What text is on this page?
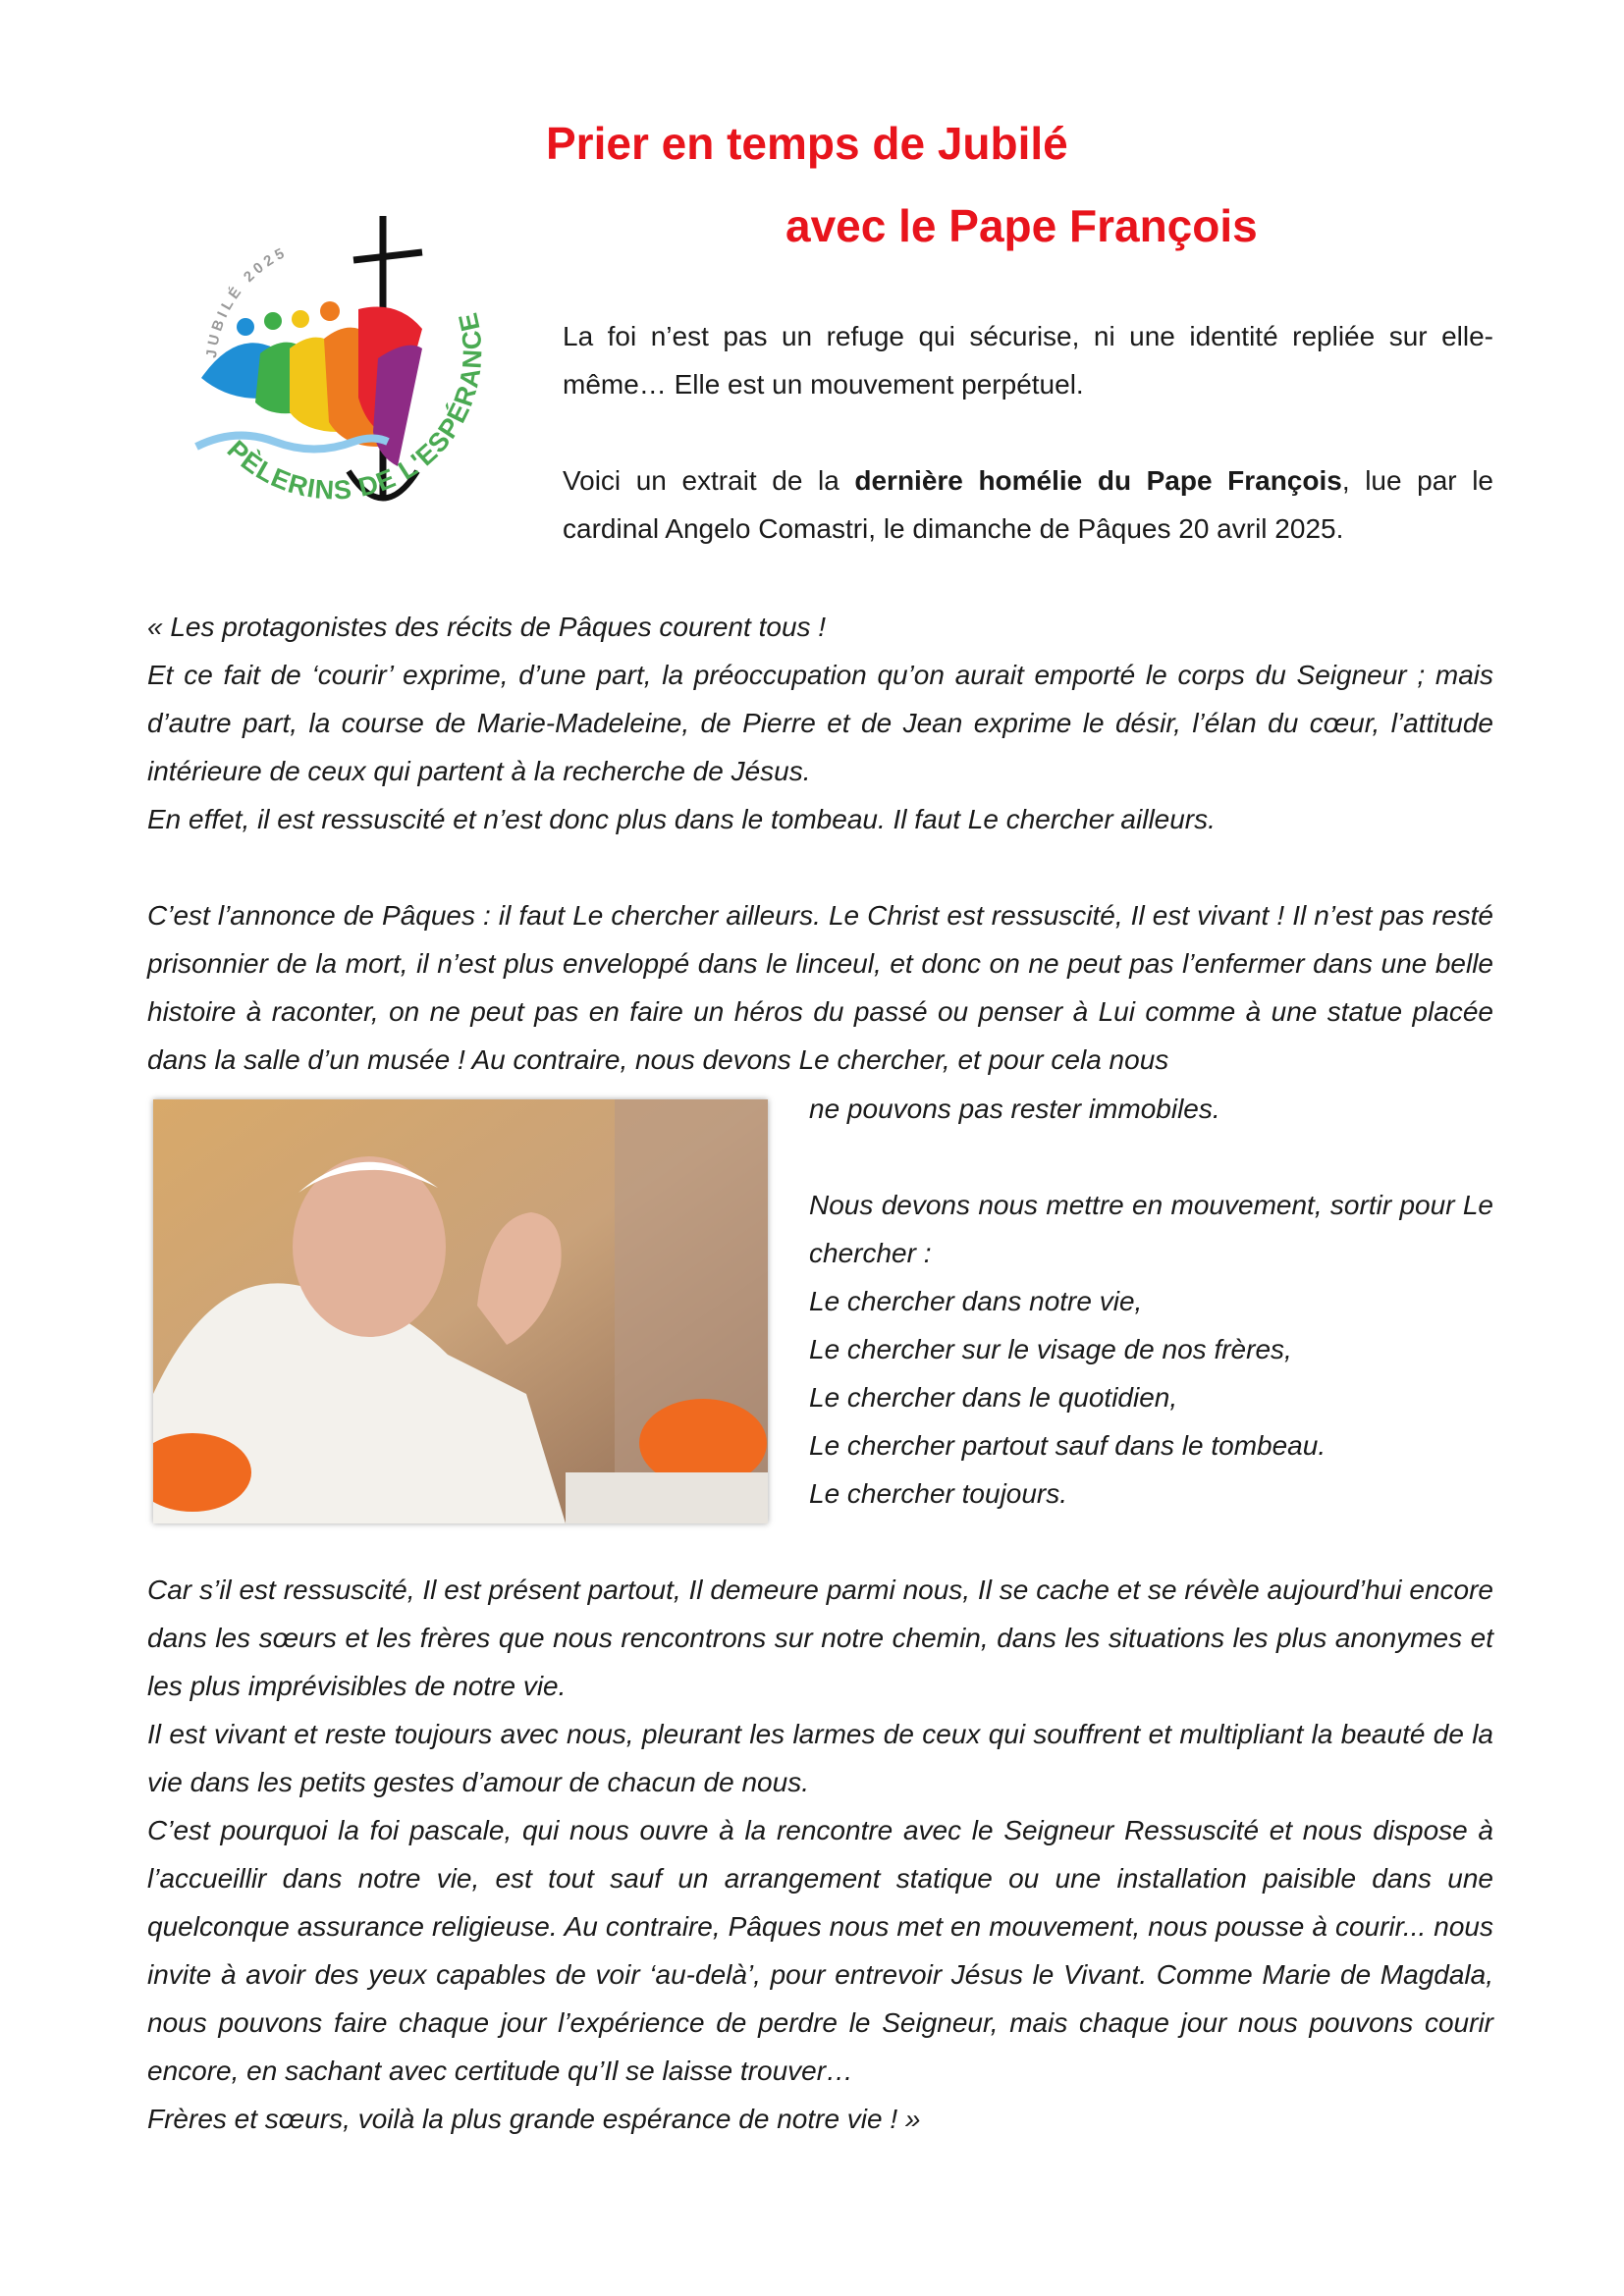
Prier en temps de Jubilé
avec le Pape François
JUBILÉ 2025
PÈLERINS DE L'ESPÉRANCE	La foi n’est pas un refuge qui sécurise, ni une identité repliée sur elle-même… Elle est un mouvement perpétuel.

Voici un extrait de la dernière homélie du Pape François, lue par le cardinal Angelo Comastri, le dimanche de Pâques 20 avril 2025.

« Les protagonistes des récits de Pâques courent tous !

Et ce fait de ‘courir’ exprime, d’une part, la préoccupation qu’on aurait emporté le corps du Seigneur ; mais d’autre part, la course de Marie-Madeleine, de Pierre et de Jean exprime le désir, l’élan du cœur, l’attitude intérieure de ceux qui partent à la recherche de Jésus.

En effet, il est ressuscité et n’est donc plus dans le tombeau. Il faut Le chercher ailleurs.

C’est l’annonce de Pâques : il faut Le chercher ailleurs. Le Christ est ressuscité, Il est vivant ! Il n’est pas resté prisonnier de la mort, il n’est plus enveloppé dans le linceul, et donc on ne peut pas l’enfermer dans une belle histoire à raconter, on ne peut pas en faire un héros du passé ou penser à Lui comme à une statue placée dans la salle d’un musée ! Au contraire, nous devons Le chercher, et pour cela nous

ne pouvons pas rester immobiles.

Nous devons nous mettre en mouvement, sortir pour Le chercher :

Le chercher dans notre vie,

Le chercher sur le visage de nos frères,

Le chercher dans le quotidien,

Le chercher partout sauf dans le tombeau.

Le chercher toujours.

Car s’il est ressuscité, Il est présent partout, Il demeure parmi nous, Il se cache et se révèle aujourd’hui encore dans les sœurs et les frères que nous rencontrons sur notre chemin, dans les situations les plus anonymes et les plus imprévisibles de notre vie.

Il est vivant et reste toujours avec nous, pleurant les larmes de ceux qui souffrent et multipliant la beauté de la vie dans les petits gestes d’amour de chacun de nous.

C’est pourquoi la foi pascale, qui nous ouvre à la rencontre avec le Seigneur Ressuscité et nous dispose à l’accueillir dans notre vie, est tout sauf un arrangement statique ou une installation paisible dans une quelconque assurance religieuse. Au contraire, Pâques nous met en mouvement, nous pousse à courir... nous invite à avoir des yeux capables de voir ‘au-delà’, pour entrevoir Jésus le Vivant. Comme Marie de Magdala, nous pouvons faire chaque jour l’expérience de perdre le Seigneur, mais chaque jour nous pouvons courir encore, en sachant avec certitude qu’Il se laisse trouver…

Frères et sœurs, voilà la plus grande espérance de notre vie ! »
